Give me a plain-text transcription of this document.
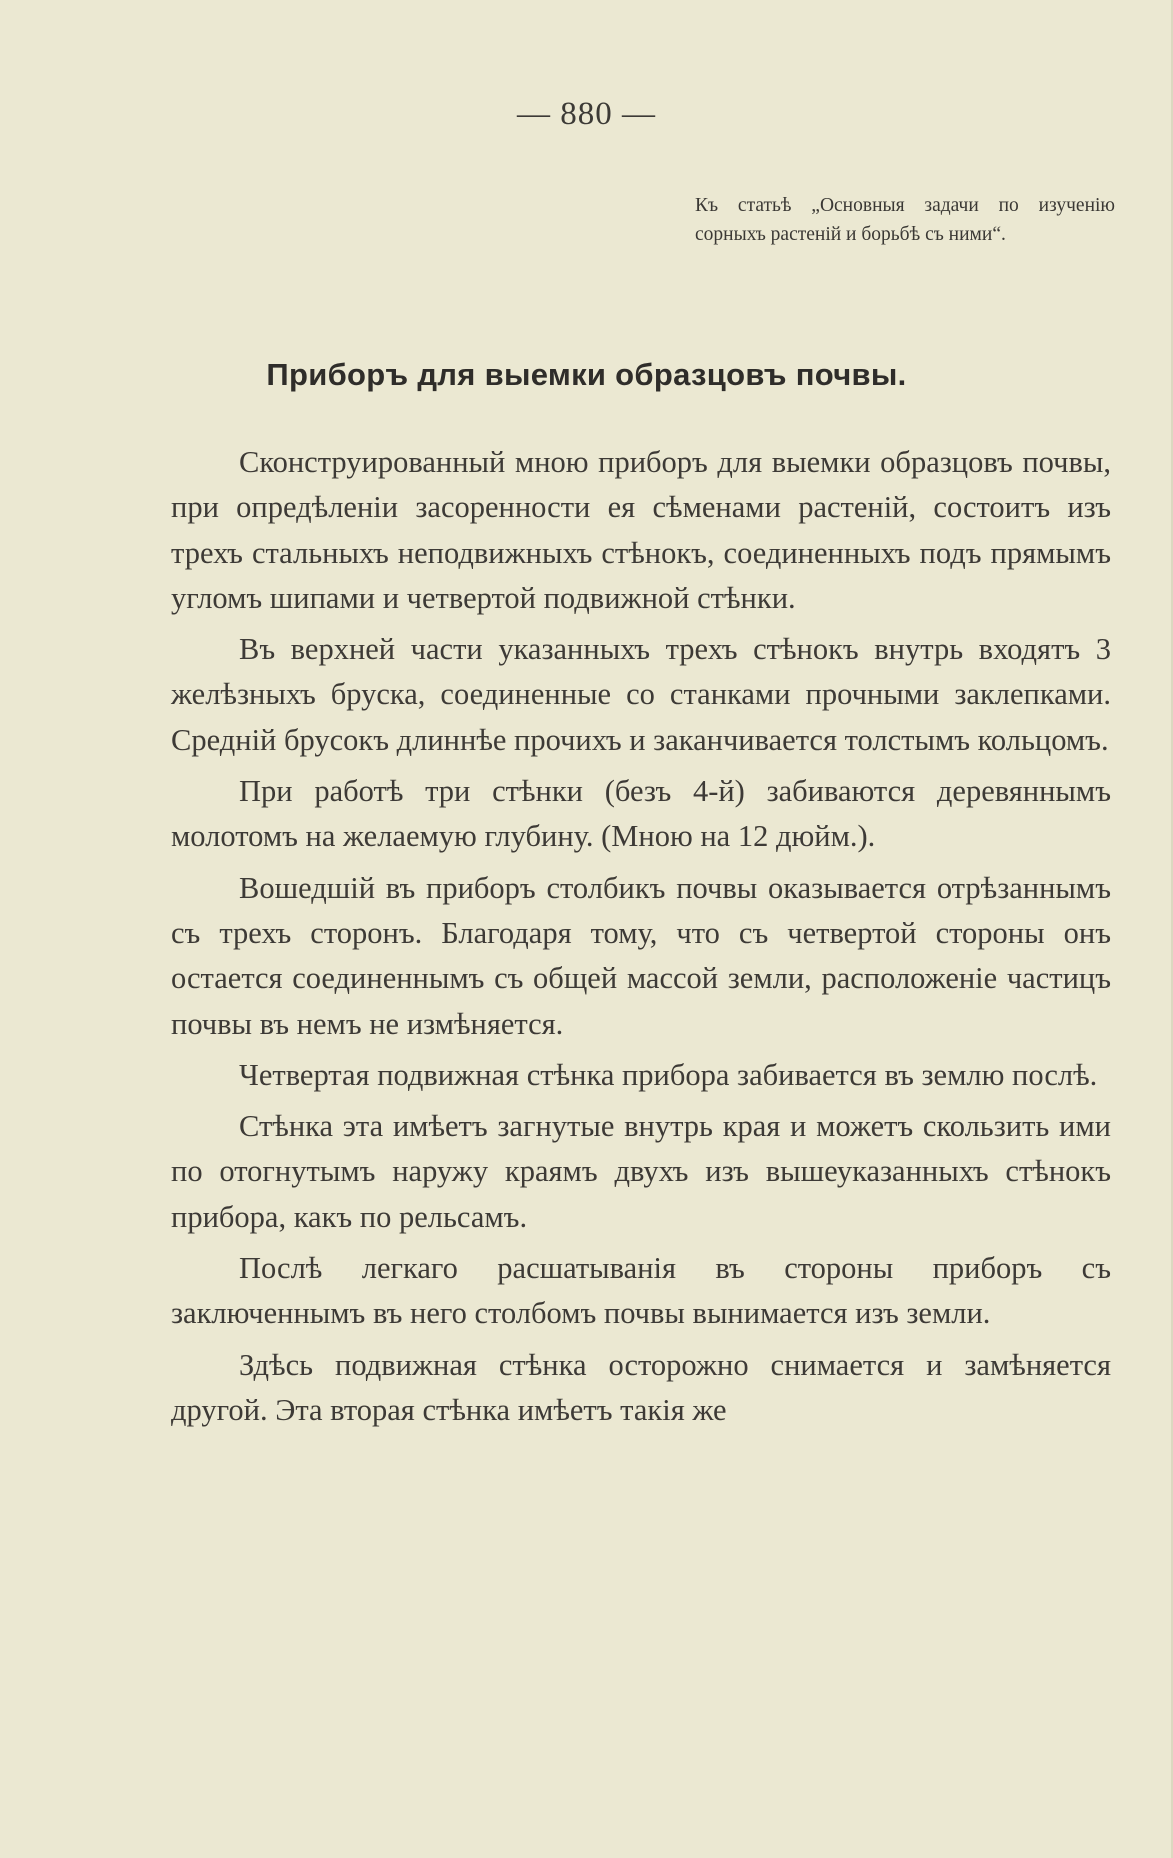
— 880 —

Къ статьѣ „Основныя задачи по изученію сорныхъ растеній и борьбѣ съ ними“.

Приборъ для выемки образцовъ почвы.

Сконструированный мною приборъ для выемки образцовъ почвы, при опредѣленіи засоренности ея сѣменами растеній, состоитъ изъ трехъ стальныхъ неподвижныхъ стѣнокъ, соединенныхъ подъ прямымъ угломъ шипами и четвертой подвижной стѣнки.

Въ верхней части указанныхъ трехъ стѣнокъ внутрь входятъ 3 желѣзныхъ бруска, соединенные со станками прочными заклепками. Среднiй брусокъ длиннѣе прочихъ и заканчивается толстымъ кольцомъ.

При работѣ три стѣнки (безъ 4-й) забиваются деревяннымъ молотомъ на желаемую глубину. (Мною на 12 дюйм.).

Вошедшій въ приборъ столбикъ почвы оказывается отрѣзаннымъ съ трехъ сторонъ. Благодаря тому, что съ четвертой стороны онъ остается соединеннымъ съ общей массой земли, расположеніе частицъ почвы въ немъ не измѣняется.

Четвертая подвижная стѣнка прибора забивается въ землю послѣ.

Стѣнка эта имѣетъ загнутые внутрь края и можетъ скользить ими по отогнутымъ наружу краямъ двухъ изъ вышеуказанныхъ стѣнокъ прибора, какъ по рельсамъ.

Послѣ легкаго расшатыванія въ стороны приборъ съ заключеннымъ въ него столбомъ почвы вынимается изъ земли.

Здѣсь подвижная стѣнка осторожно снимается и замѣняется другой. Эта вторая стѣнка имѣетъ такія же
